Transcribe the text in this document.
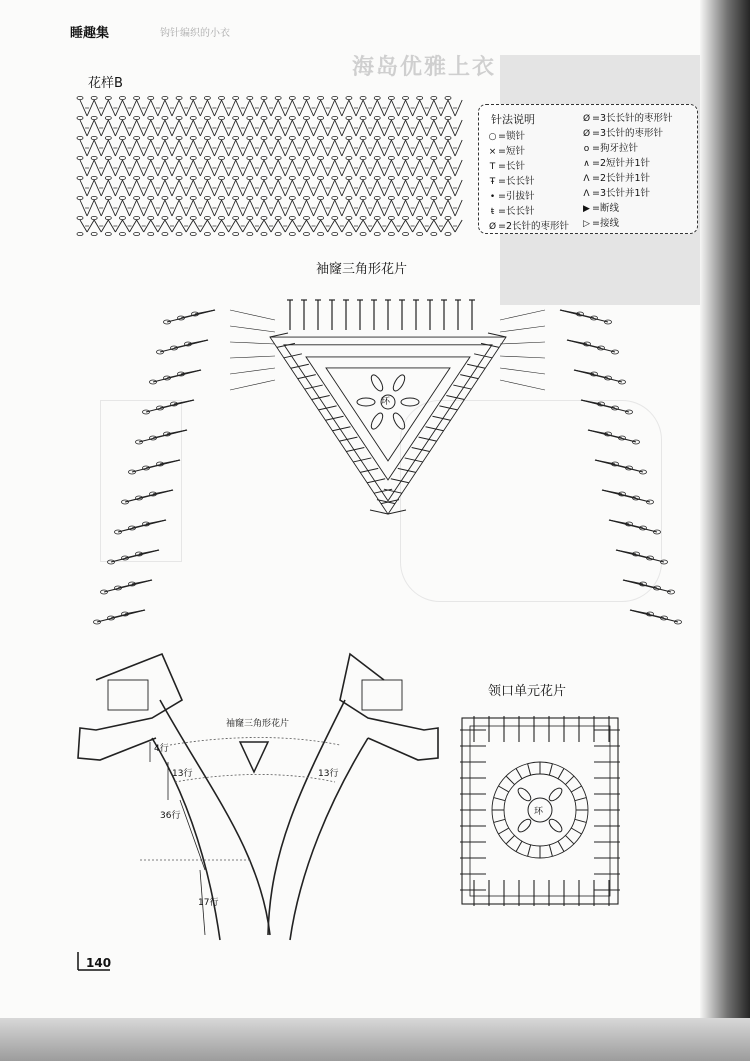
睡趣集	钩针编织的小衣
海岛优雅上衣
花样B
袖窿三角形花片
领口单元花片
针法说明
○ =锁针
× =短针
T =长针
Ŧ =长长针
• =引拔针
ŧ =长长针
Ø =2长针的枣形针
Ø =3长长针的枣形针
Ø =3长针的枣形针
ο =狗牙拉针
∧ =2短针并1针
Λ =2长针并1针
Λ =3长针并1针
▶ =断线
▷ =接线
环
环
袖窿三角形花片
4行
13行
36行
17行
13行
140
